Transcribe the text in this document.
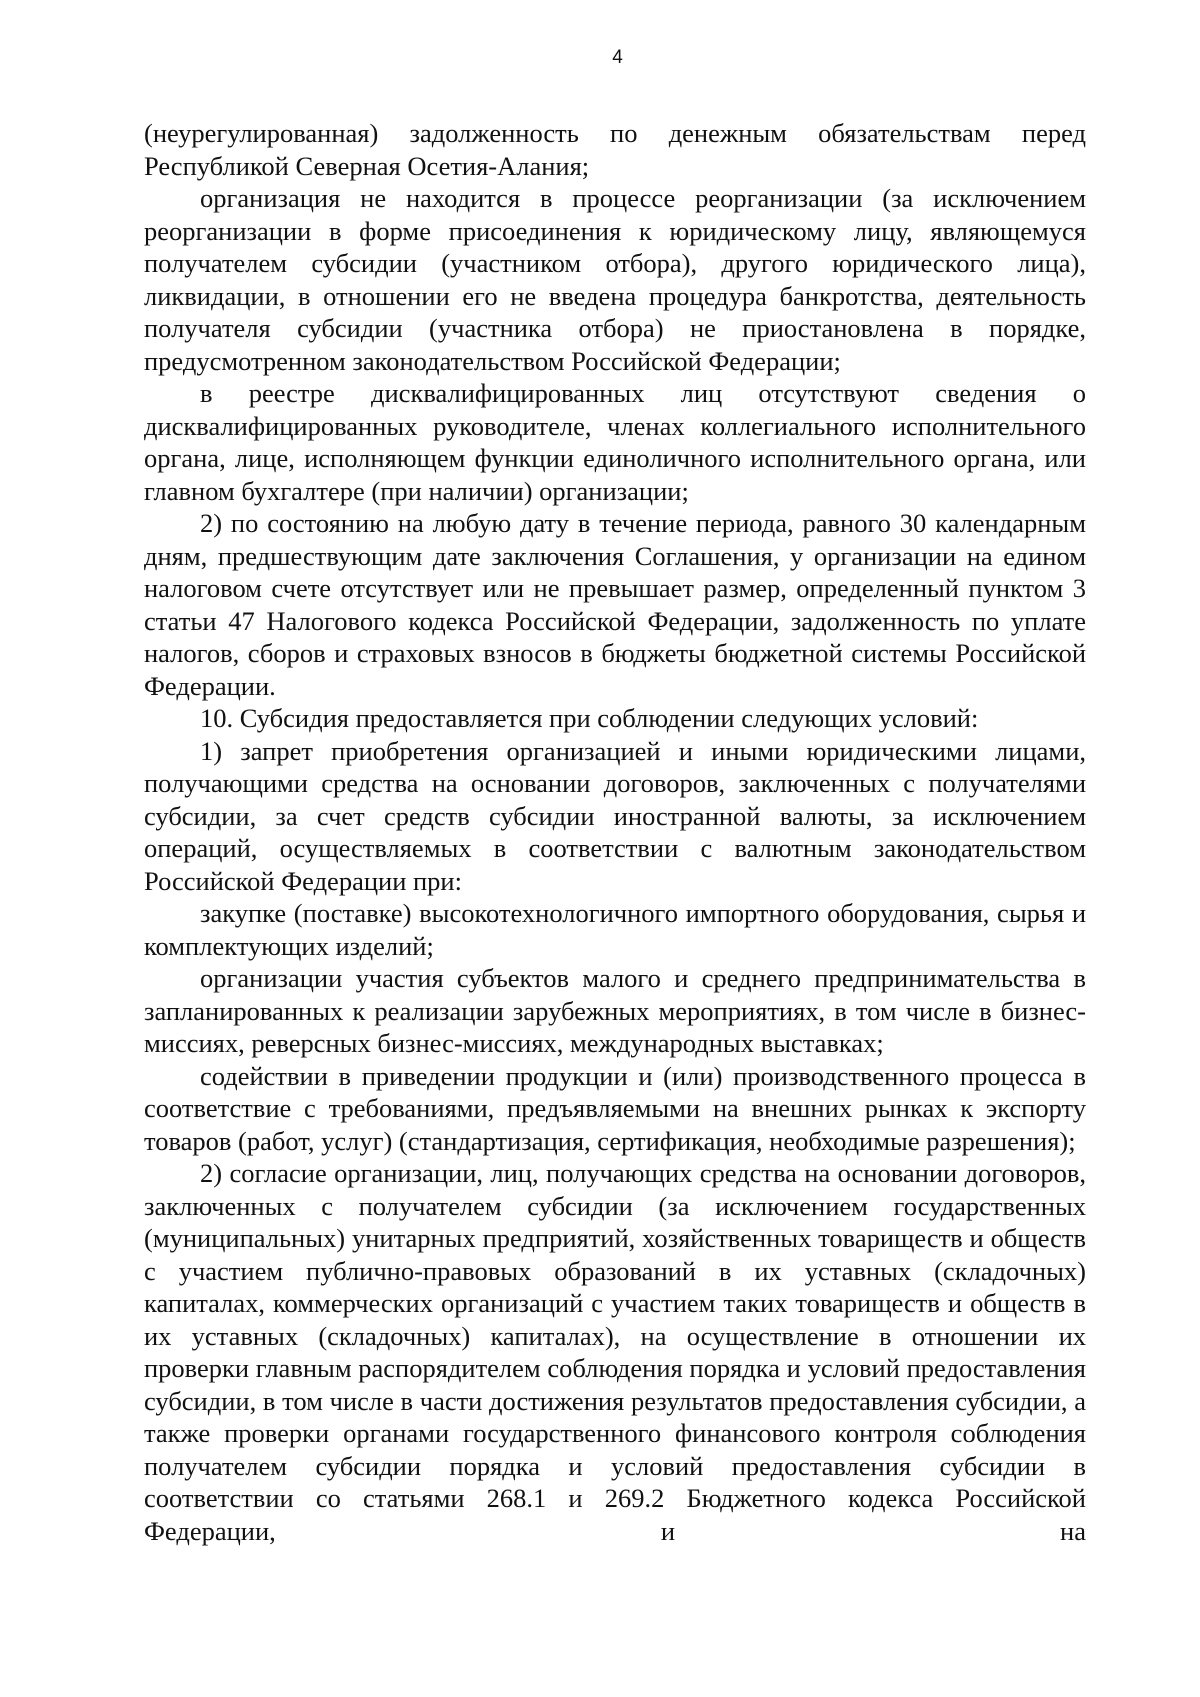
4

(неурегулированная) задолженность по денежным обязательствам перед Республикой Северная Осетия-Алания;

организация не находится в процессе реорганизации (за исключением реорганизации в форме присоединения к юридическому лицу, являющемуся получателем субсидии (участником отбора), другого юридического лица), ликвидации, в отношении его не введена процедура банкротства, деятельность получателя субсидии (участника отбора) не приостановлена в порядке, предусмотренном законодательством Российской Федерации;

в реестре дисквалифицированных лиц отсутствуют сведения о дисквалифицированных руководителе, членах коллегиального исполнительного органа, лице, исполняющем функции единоличного исполнительного органа, или главном бухгалтере (при наличии) организации;

2) по состоянию на любую дату в течение периода, равного 30 календарным дням, предшествующим дате заключения Соглашения, у организации на едином налоговом счете отсутствует или не превышает размер, определенный пунктом 3 статьи 47 Налогового кодекса Российской Федерации, задолженность по уплате налогов, сборов и страховых взносов в бюджеты бюджетной системы Российской Федерации.

10. Субсидия предоставляется при соблюдении следующих условий:

1) запрет приобретения организацией и иными юридическими лицами, получающими средства на основании договоров, заключенных с получателями субсидии, за счет средств субсидии иностранной валюты, за исключением операций, осуществляемых в соответствии с валютным законодательством Российской Федерации при:

закупке (поставке) высокотехнологичного импортного оборудования, сырья и комплектующих изделий;

организации участия субъектов малого и среднего предпринимательства в запланированных к реализации зарубежных мероприятиях, в том числе в бизнес-миссиях, реверсных бизнес-миссиях, международных выставках;

содействии в приведении продукции и (или) производственного процесса в соответствие с требованиями, предъявляемыми на внешних рынках к экспорту товаров (работ, услуг) (стандартизация, сертификация, необходимые разрешения);

2) согласие организации, лиц, получающих средства на основании договоров, заключенных с получателем субсидии (за исключением государственных (муниципальных) унитарных предприятий, хозяйственных товариществ и обществ с участием публично-правовых образований в их уставных (складочных) капиталах, коммерческих организаций с участием таких товариществ и обществ в их уставных (складочных) капиталах), на осуществление в отношении их проверки главным распорядителем соблюдения порядка и условий предоставления субсидии, в том числе в части достижения результатов предоставления субсидии, а также проверки органами государственного финансового контроля соблюдения получателем субсидии порядка и условий предоставления субсидии в соответствии со статьями 268.1 и 269.2 Бюджетного кодекса Российской Федерации, и на
